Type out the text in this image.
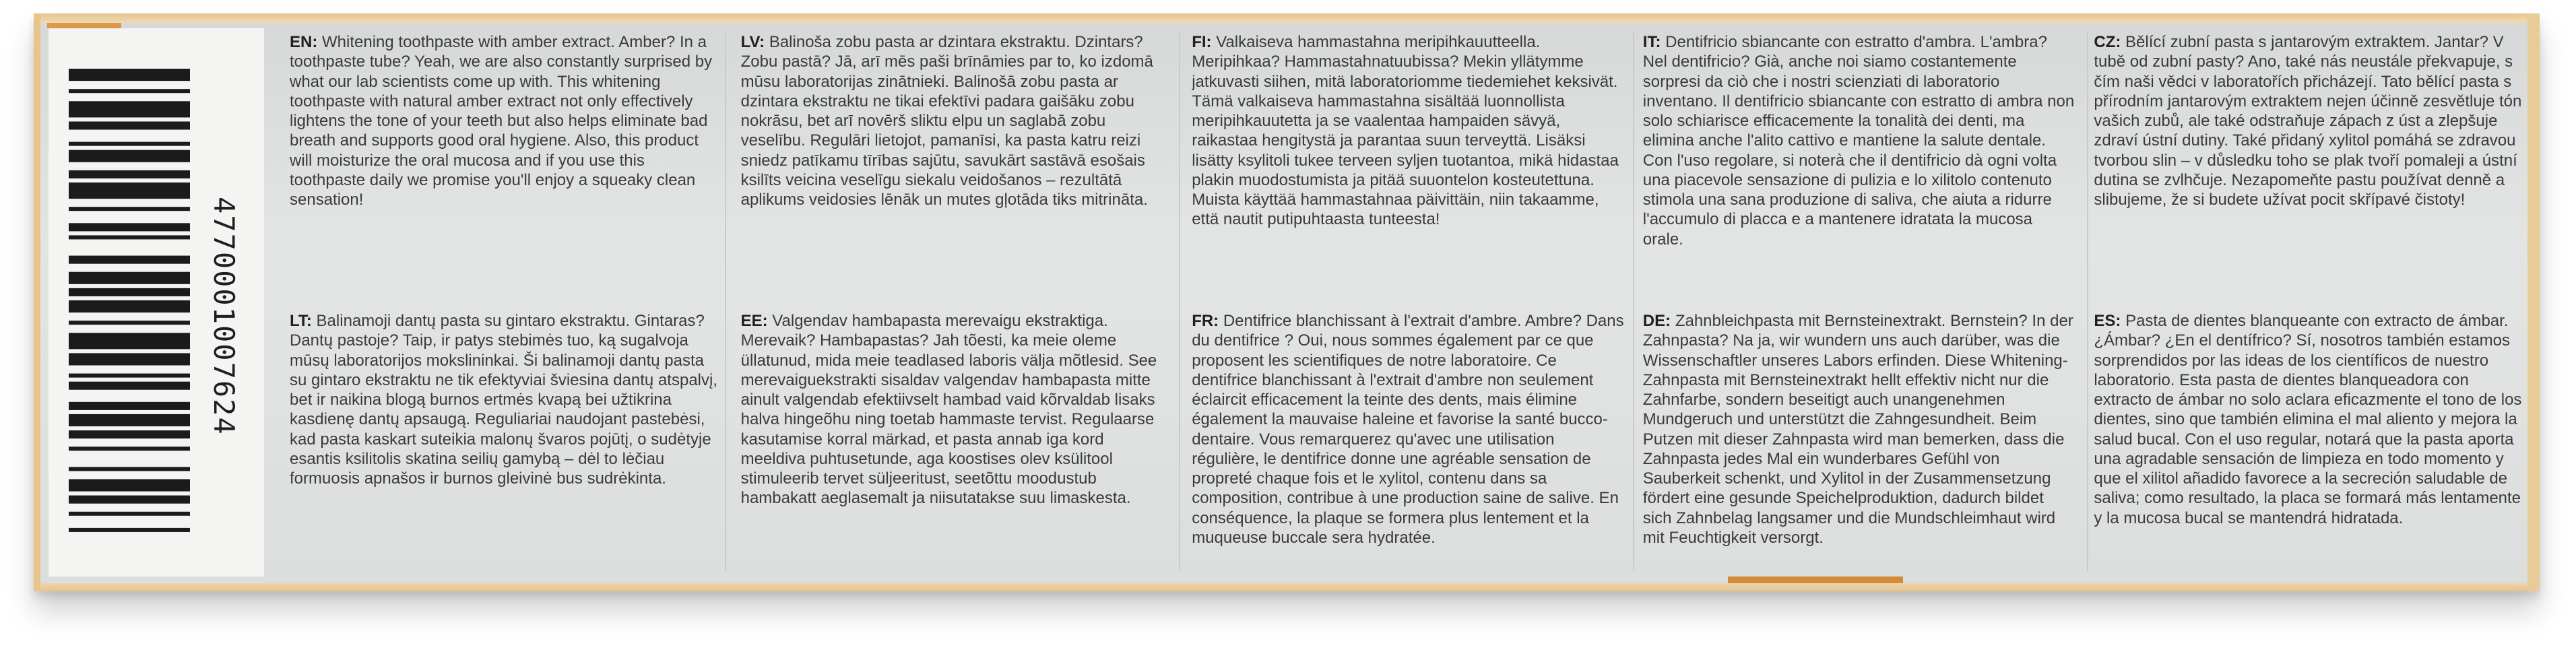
4770001007624
EN: Whitening toothpaste with amber extract. Amber? In a toothpaste tube? Yeah, we are also constantly surprised by what our lab scientists come up with. This whitening toothpaste with natural amber extract not only effectively lightens the tone of your teeth but also helps eliminate bad breath and supports good oral hygiene. Also, this product will moisturize the oral mucosa and if you use this toothpaste daily we promise you'll enjoy a squeaky clean sensation!
LV: Balinoša zobu pasta ar dzintara ekstraktu. Dzintars? Zobu pastā? Jā, arī mēs paši brīnāmies par to, ko izdomā mūsu laboratorijas zinātnieki. Balinošā zobu pasta ar dzintara ekstraktu ne tikai efektīvi padara gaišāku zobu nokrāsu, bet arī novērš sliktu elpu un saglabā zobu veselību. Regulāri lietojot, pamanīsi, ka pasta katru reizi sniedz patīkamu tīrības sajūtu, savukārt sastāvā esošais ksilīts veicina veselīgu siekalu veidošanos – rezultātā aplikums veidosies lēnāk un mutes gļotāda tiks mitrināta.
FI: Valkaiseva hammastahna meripihkauutteella. Meripihkaa? Hammastahnatuubissa? Mekin yllätymme jatkuvasti siihen, mitä laboratoriomme tiedemiehet keksivät. Tämä valkaiseva hammastahna sisältää luonnollista meripihkauutetta ja se vaalentaa hampaiden sävyä, raikastaa hengitystä ja parantaa suun terveyttä. Lisäksi lisätty ksylitoli tukee terveen syljen tuotantoa, mikä hidastaa plakin muodostumista ja pitää suuontelon kosteutettuna. Muista käyttää hammastahnaa päivittäin, niin takaamme, että nautit putipuhtaasta tunteesta!
IT: Dentifricio sbiancante con estratto d'ambra. L'ambra? Nel dentifricio? Già, anche noi siamo costantemente sorpresi da ciò che i nostri scienziati di laboratorio inventano. Il dentifricio sbiancante con estratto di ambra non solo schiarisce efficacemente la tonalità dei denti, ma elimina anche l'alito cattivo e mantiene la salute dentale. Con l'uso regolare, si noterà che il dentifricio dà ogni volta una piacevole sensazione di pulizia e lo xilitolo contenuto stimola una sana produzione di saliva, che aiuta a ridurre l'accumulo di placca e a mantenere idratata la mucosa orale.
CZ: Bělící zubní pasta s jantarovým extraktem. Jantar? V tubě od zubní pasty? Ano, také nás neustále překvapuje, s čím naši vědci v laboratořích přicházejí. Tato bělící pasta s přírodním jantarovým extraktem nejen účinně zesvětluje tón vašich zubů, ale také odstraňuje zápach z úst a zlepšuje zdraví ústní dutiny. Také přidaný xylitol pomáhá se zdravou tvorbou slin – v důsledku toho se plak tvoří pomaleji a ústní dutina se zvlhčuje. Nezapomeňte pastu používat denně a slibujeme, že si budete užívat pocit skřípavé čistoty!
LT: Balinamoji dantų pasta su gintaro ekstraktu. Gintaras? Dantų pastoje? Taip, ir patys stebimės tuo, ką sugalvoja mūsų laboratorijos mokslininkai. Ši balinamoji dantų pasta su gintaro ekstraktu ne tik efektyviai šviesina dantų atspalvį, bet ir naikina blogą burnos ertmės kvapą bei užtikrina kasdienę dantų apsaugą. Reguliariai naudojant pastebėsi, kad pasta kaskart suteikia malonų švaros pojūtį, o sudėtyje esantis ksilitolis skatina seilių gamybą – dėl to lėčiau formuosis apnašos ir burnos gleivinė bus sudrėkinta.
EE: Valgendav hambapasta merevaigu ekstraktiga. Merevaik? Hambapastas? Jah tõesti, ka meie oleme üllatunud, mida meie teadlased laboris välja mõtlesid. See merevaiguekstrakti sisaldav valgendav hambapasta mitte ainult valgendab efektiivselt hambad vaid kõrvaldab lisaks halva hingeõhu ning toetab hammaste tervist. Regulaarse kasutamise korral märkad, et pasta annab iga kord meeldiva puhtusetunde, aga koostises olev ksülitool stimuleerib tervet süljeeritust, seetõttu moodustub hambakatt aeglasemalt ja niisutatakse suu limaskesta.
FR: Dentifrice blanchissant à l'extrait d'ambre. Ambre? Dans du dentifrice ? Oui, nous sommes également par ce que proposent les scientifiques de notre laboratoire. Ce dentifrice blanchissant à l'extrait d'ambre non seulement éclaircit efficacement la teinte des dents, mais élimine également la mauvaise haleine et favorise la santé bucco-dentaire. Vous remarquerez qu'avec une utilisation régulière, le dentifrice donne une agréable sensation de propreté chaque fois et le xylitol, contenu dans sa composition, contribue à une production saine de salive. En conséquence, la plaque se formera plus lentement et la muqueuse buccale sera hydratée.
DE: Zahnbleichpasta mit Bernsteinextrakt. Bernstein? In der Zahnpasta? Na ja, wir wundern uns auch darüber, was die Wissenschaftler unseres Labors erfinden. Diese Whitening-Zahnpasta mit Bernsteinextrakt hellt effektiv nicht nur die Zahnfarbe, sondern beseitigt auch unangenehmen Mundgeruch und unterstützt die Zahngesundheit. Beim Putzen mit dieser Zahnpasta wird man bemerken, dass die Zahnpasta jedes Mal ein wunderbares Gefühl von Sauberkeit schenkt, und Xylitol in der Zusammensetzung fördert eine gesunde Speichelproduktion, dadurch bildet sich Zahnbelag langsamer und die Mundschleimhaut wird mit Feuchtigkeit versorgt.
ES: Pasta de dientes blanqueante con extracto de ámbar. ¿Ámbar? ¿En el dentífrico? Sí, nosotros también estamos sorprendidos por las ideas de los científicos de nuestro laboratorio. Esta pasta de dientes blanqueadora con extracto de ámbar no solo aclara eficazmente el tono de los dientes, sino que también elimina el mal aliento y mejora la salud bucal. Con el uso regular, notará que la pasta aporta una agradable sensación de limpieza en todo momento y que el xilitol añadido favorece a la secreción saludable de saliva; como resultado, la placa se formará más lentamente y la mucosa bucal se mantendrá hidratada.
